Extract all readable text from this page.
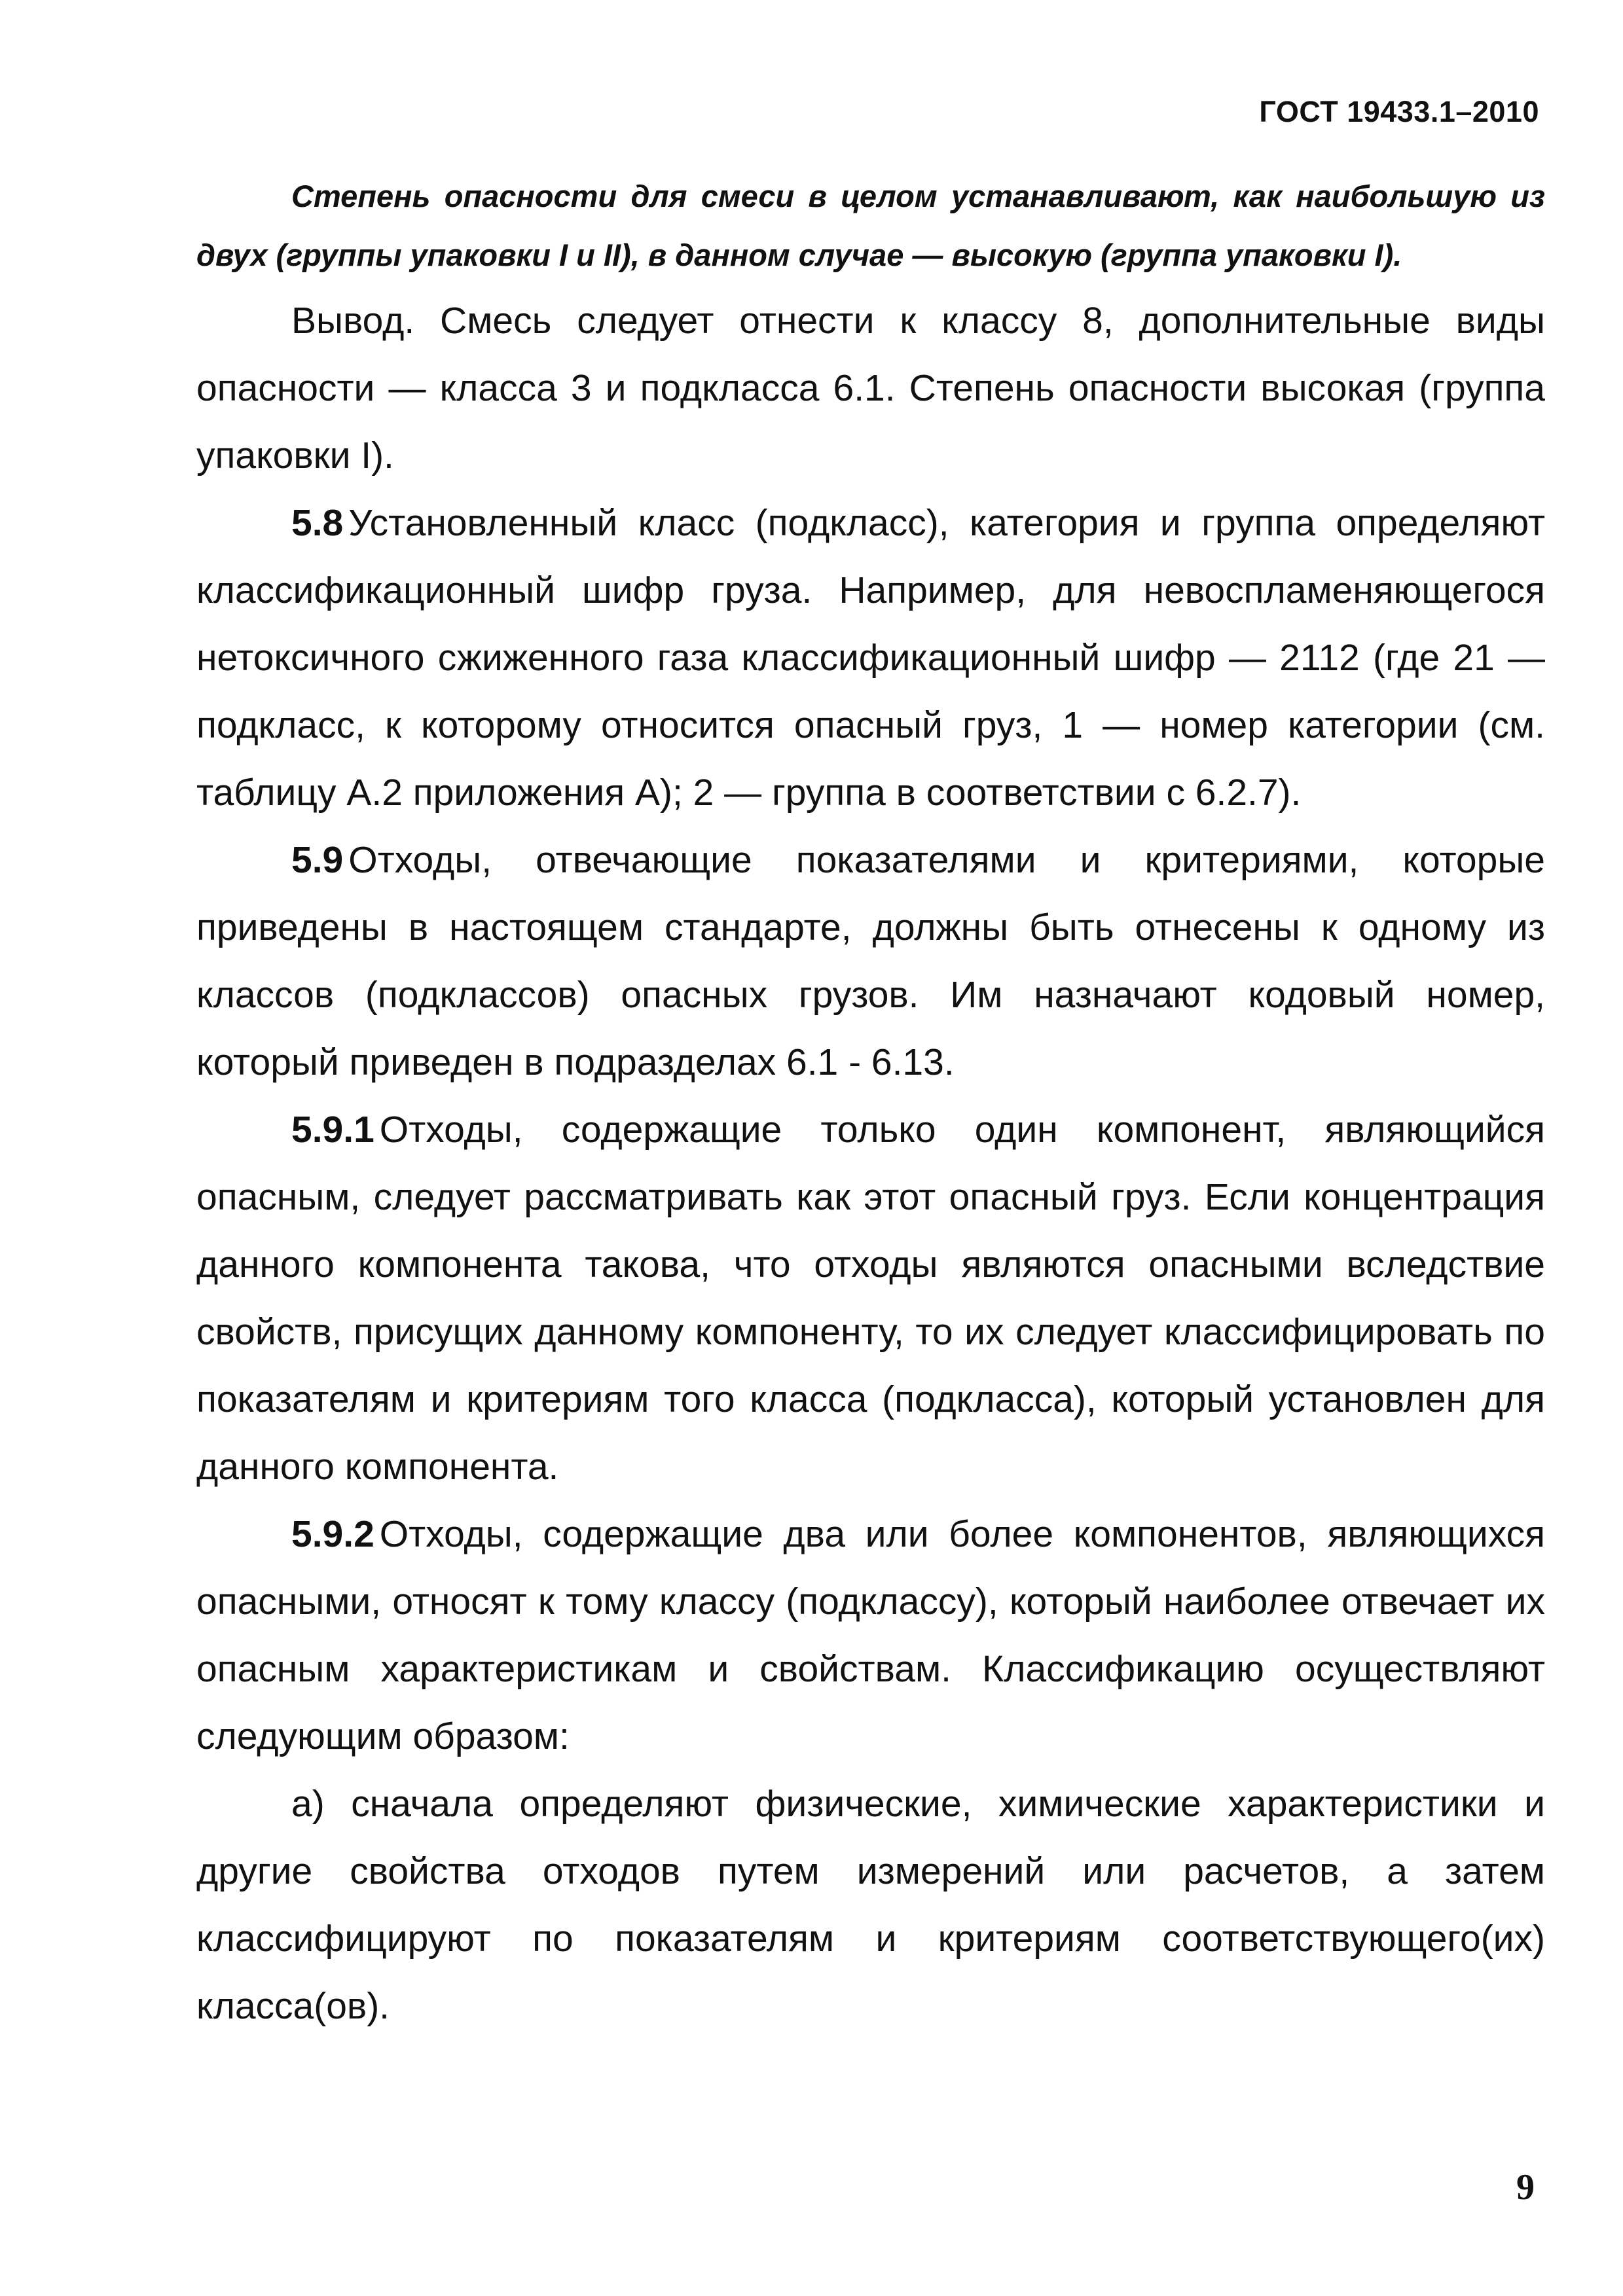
ГОСТ 19433.1–2010

Степень опасности для смеси в целом устанавливают, как наибольшую из двух (группы упаковки I и II), в данном случае — высокую (группа упаковки I).

Вывод. Смесь следует отнести к классу 8, дополнительные виды опасности — класса 3 и подкласса 6.1. Степень опасности высокая (группа упаковки I).

5.8 Установленный класс (подкласс), категория и группа определяют классификационный шифр груза. Например, для невоспламеняющегося нетоксичного сжиженного газа классификационный шифр — 2112 (где 21 — подкласс, к которому относится опасный груз, 1 — номер категории (см. таблицу А.2 приложения А); 2 — группа в соответствии с 6.2.7).

5.9 Отходы, отвечающие показателями и критериями, которые приведены в настоящем стандарте, должны быть отнесены к одному из классов (подклассов) опасных грузов. Им назначают кодовый номер, который приведен в подразделах 6.1 - 6.13.

5.9.1 Отходы, содержащие только один компонент, являющийся опасным, следует рассматривать как этот опасный груз. Если концентрация данного компонента такова, что отходы являются опасными вследствие свойств, присущих данному компоненту, то их следует классифицировать по показателям и критериям того класса (подкласса), который установлен для данного компонента.

5.9.2 Отходы, содержащие два или более компонентов, являющихся опасными, относят к тому классу (подклассу), который наиболее отвечает их опасным характеристикам и свойствам. Классификацию осуществляют следующим образом:

а) сначала определяют физические, химические характеристики и другие свойства отходов путем измерений или расчетов, а затем классифицируют по показателям и критериям соответствующего(их) класса(ов).

9
